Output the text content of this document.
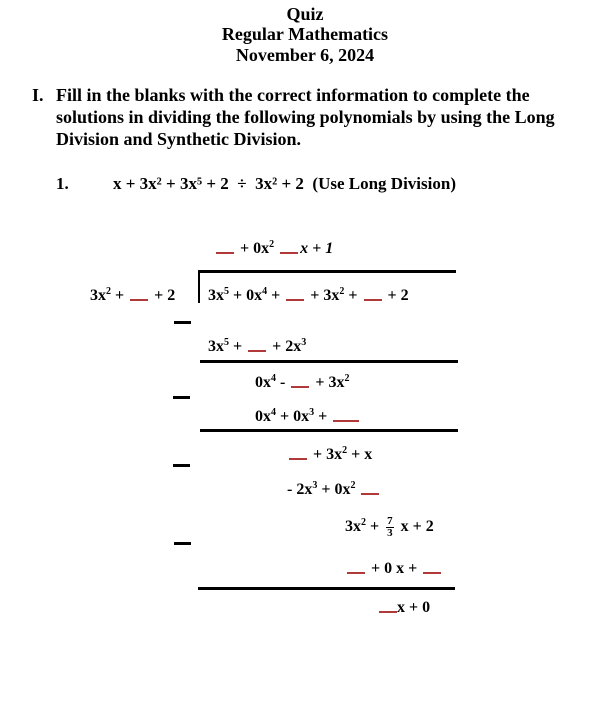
Quiz
Regular Mathematics
November 6, 2024
I. Fill in the blanks with the correct information to complete the
solutions in dividing the following polynomials by using the Long
Division and Synthetic Division.
1.	x + 3x² + 3x⁵ + 2 ÷ 3x² + 2 (Use Long Division)
+ $0x^2$ x + 1
$3x^2$ + + 2 $3x^5 + 0x^4$ + + $3x^2$ + + 2
$3x^5$ + + $2x^3$
$0x^4$ - + $3x^2$
$0x^4 + 0x^3$ +
+ $3x^2 + x$
- $2x^3 + 0x^2$
$3x^2 + \frac{7}{3}$ x + 2
+ 0 x +
x + 0
